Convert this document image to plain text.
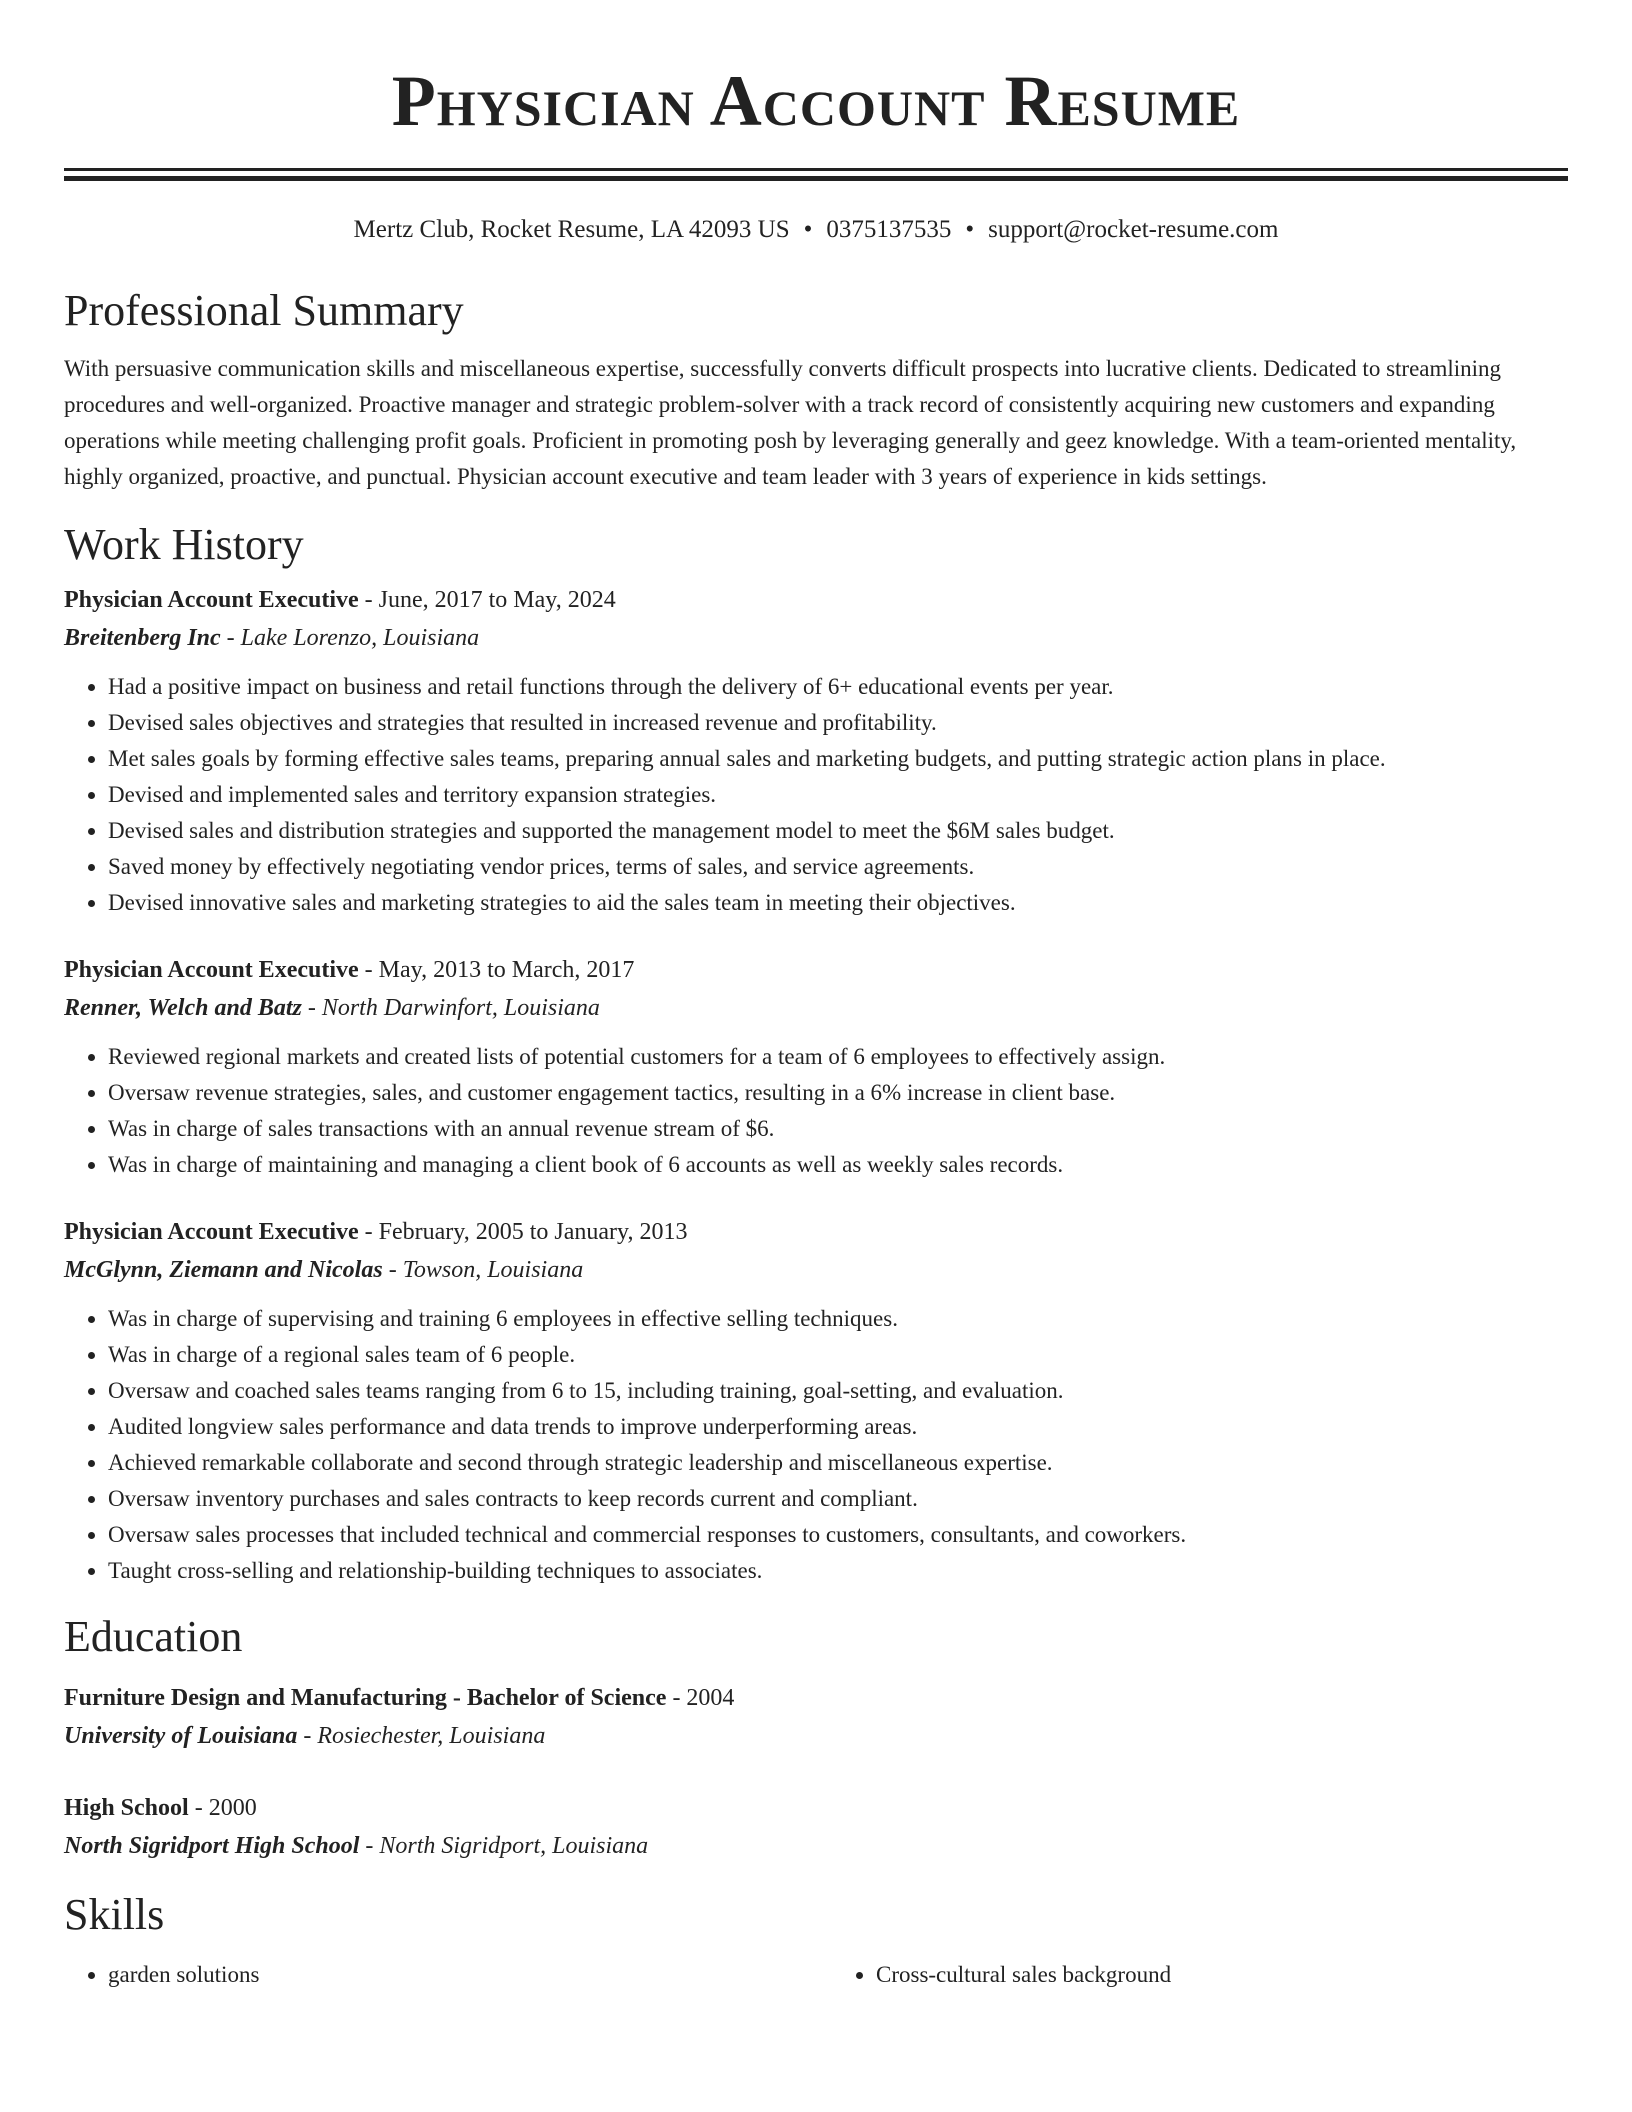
Physician Account Resume
Mertz Club, Rocket Resume, LA 42093 US • 0375137535 • support@rocket-resume.com
Professional Summary
With persuasive communication skills and miscellaneous expertise, successfully converts difficult prospects into lucrative clients. Dedicated to streamlining procedures and well-organized. Proactive manager and strategic problem-solver with a track record of consistently acquiring new customers and expanding operations while meeting challenging profit goals. Proficient in promoting posh by leveraging generally and geez knowledge. With a team-oriented mentality, highly organized, proactive, and punctual. Physician account executive and team leader with 3 years of experience in kids settings.
Work History
Physician Account Executive - June, 2017 to May, 2024
Breitenberg Inc - Lake Lorenzo, Louisiana
• Had a positive impact on business and retail functions through the delivery of 6+ educational events per year.
• Devised sales objectives and strategies that resulted in increased revenue and profitability.
• Met sales goals by forming effective sales teams, preparing annual sales and marketing budgets, and putting strategic action plans in place.
• Devised and implemented sales and territory expansion strategies.
• Devised sales and distribution strategies and supported the management model to meet the $6M sales budget.
• Saved money by effectively negotiating vendor prices, terms of sales, and service agreements.
• Devised innovative sales and marketing strategies to aid the sales team in meeting their objectives.
Physician Account Executive - May, 2013 to March, 2017
Renner, Welch and Batz - North Darwinfort, Louisiana
• Reviewed regional markets and created lists of potential customers for a team of 6 employees to effectively assign.
• Oversaw revenue strategies, sales, and customer engagement tactics, resulting in a 6% increase in client base.
• Was in charge of sales transactions with an annual revenue stream of $6.
• Was in charge of maintaining and managing a client book of 6 accounts as well as weekly sales records.
Physician Account Executive - February, 2005 to January, 2013
McGlynn, Ziemann and Nicolas - Towson, Louisiana
• Was in charge of supervising and training 6 employees in effective selling techniques.
• Was in charge of a regional sales team of 6 people.
• Oversaw and coached sales teams ranging from 6 to 15, including training, goal-setting, and evaluation.
• Audited longview sales performance and data trends to improve underperforming areas.
• Achieved remarkable collaborate and second through strategic leadership and miscellaneous expertise.
• Oversaw inventory purchases and sales contracts to keep records current and compliant.
• Oversaw sales processes that included technical and commercial responses to customers, consultants, and coworkers.
• Taught cross-selling and relationship-building techniques to associates.
Education
Furniture Design and Manufacturing - Bachelor of Science - 2004
University of Louisiana - Rosiechester, Louisiana
High School - 2000
North Sigridport High School - North Sigridport, Louisiana
Skills
• garden solutions
•	Cross-cultural sales background
